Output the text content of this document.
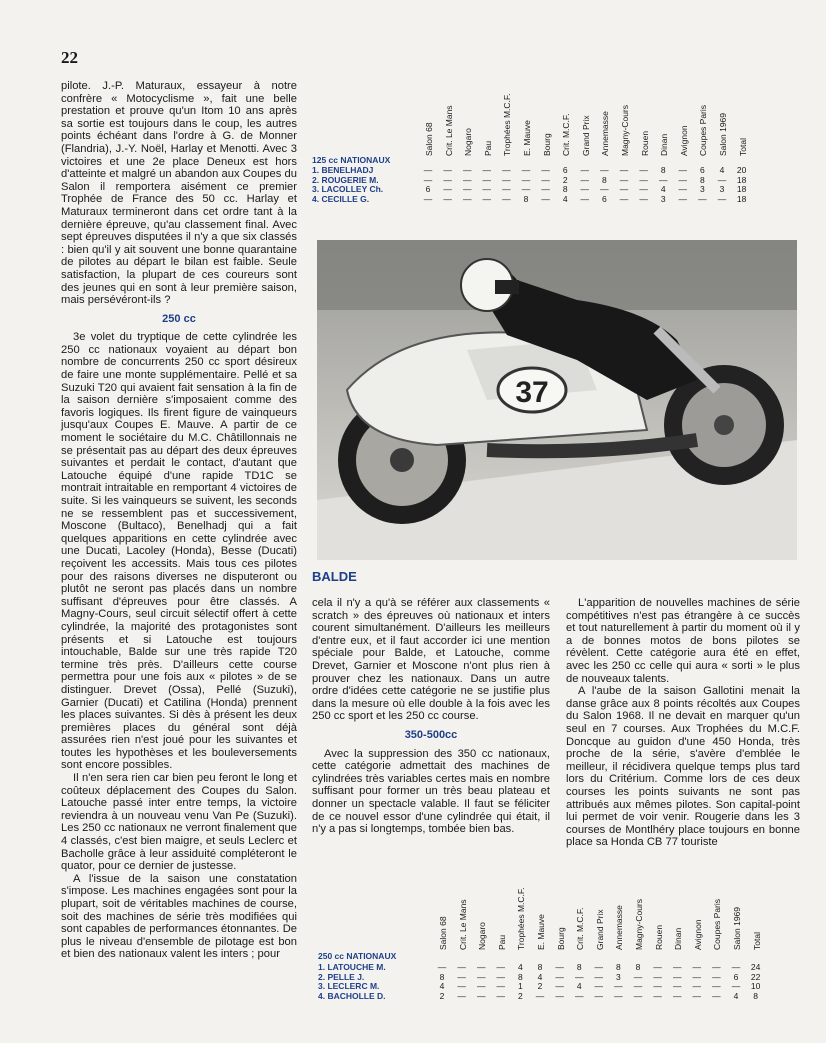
22

pilote. J.-P. Maturaux, essayeur à notre confrère « Motocyclisme », fait une belle prestation et prouve qu'un Itom 10 ans après sa sortie est toujours dans le coup, les autres points échéant dans l'ordre à G. de Monner (Flandria), J.-Y. Noël, Harlay et Menotti. Avec 3 victoires et une 2e place Deneux est hors d'atteinte et malgré un abandon aux Coupes du Salon il remportera aisément ce premier Trophée de France des 50 cc. Harlay et Maturaux termineront dans cet ordre tant à la dernière épreuve, qu'au classement final. Avec sept épreuves disputées il n'y a que six classés : bien qu'il y ait souvent une bonne quarantaine de pilotes au départ le bilan est faible. Seule satisfaction, la plupart de ces coureurs sont des jeunes qui en sont à leur première saison, mais persévéront-ils ?

250 cc

3e volet du tryptique de cette cylindrée les 250 cc nationaux voyaient au départ bon nombre de concurrents 250 cc sport désireux de faire une monte supplémentaire. Pellé et sa Suzuki T20 qui avaient fait sensation à la fin de la saison dernière s'imposaient comme des favoris logiques. Ils firent figure de vainqueurs jusqu'aux Coupes E. Mauve. A partir de ce moment le sociétaire du M.C. Châtillonnais ne se présentait pas au départ des deux épreuves suivantes et perdait le contact, d'autant que Latouche équipé d'une rapide TD1C se montrait intraitable en remportant 4 victoires de suite. Si les vainqueurs se suivent, les seconds ne se ressemblent pas et successivement, Moscone (Bultaco), Benelhadj qui a fait quelques apparitions en cette cylindrée avec une Ducati, Lacoley (Honda), Besse (Ducati) reçoivent les accessits. Mais tous ces pilotes pour des raisons diverses ne disputeront ou plutôt ne seront pas placés dans un nombre suffisant d'épreuves pour être classés. A Magny-Cours, seul circuit sélectif offert à cette cylindrée, la majorité des protagonistes sont présents et si Latouche est toujours intouchable, Balde sur une très rapide T20 termine très près. D'ailleurs cette course permettra pour une fois aux « pilotes » de se distinguer. Drevet (Ossa), Pellé (Suzuki), Garnier (Ducati) et Catilina (Honda) prennent les places suivantes. Si dès à présent les deux premières places du général sont déjà assurées rien n'est joué pour les suivantes et toutes les hypothèses et les bouleversements sont encore possibles.

Il n'en sera rien car bien peu feront le long et coûteux déplacement des Coupes du Salon. Latouche passé inter entre temps, la victoire reviendra à un nouveau venu Van Pe (Suzuki). Les 250 cc nationaux ne verront finalement que 4 classés, c'est bien maigre, et seuls Leclerc et Bacholle grâce à leur assiduité compléteront le quator, pour ce dernier de justesse.

A l'issue de la saison une constatation s'impose. Les machines engagées sont pour la plupart, soit de véritables machines de course, soit des machines de série très modifiées qui sont capables de performances étonnantes. De plus le niveau d'ensemble de pilotage est bon et bien des nationaux valent les inters ; pour

Salon 68 Crit. Le Mans Nogaro Pau Trophées M.C.F. E. Mauve Bourg Crit. M.C.F. Grand Prix Annemasse Magny-Cours Rouen Dinan Avignon Coupes Paris Salon 1969 Total
125 cc NATIONAUX
1. BENELHADJ	— — — — — — —	6	— — — —	8	—	6	4	20
2. ROUGERIE M.	— — — — — — —	2	—	8	— — — —	8	— 18
3. LACOLLEY Ch.	6	— — — — — —	8	— — — —	4	—	3	3	18
4. CECILLE G.	— — — — —	8	—	4	—	6	— —	3	— — — 18
37
BALDE

cela il n'y a qu'à se référer aux classements « scratch » des épreuves où nationaux et inters courent simultanément. D'ailleurs les meilleurs d'entre eux, et il faut accorder ici une mention spéciale pour Balde, et Latouche, comme Drevet, Garnier et Moscone n'ont plus rien à prouver chez les nationaux. Dans un autre ordre d'idées cette catégorie ne se justifie plus dans la mesure où elle double à la fois avec les 250 cc sport et les 250 cc course.

350-500cc

Avec la suppression des 350 cc nationaux, cette catégorie admettait des machines de cylindrées très variables certes mais en nombre suffisant pour former un très beau plateau et donner un spectacle valable. Il faut se féliciter de ce nouvel essor d'une cylindrée qui était, il n'y a pas si longtemps, tombée bien bas.

L'apparition de nouvelles machines de série compétitives n'est pas étrangère à ce succès et tout naturellement à partir du moment où il y a de bonnes motos de bons pilotes se révèlent. Cette catégorie aura été en effet, avec les 250 cc celle qui aura « sorti » le plus de nouveaux talents.

A l'aube de la saison Gallotini menait la danse grâce aux 8 points récoltés aux Coupes du Salon 1968. Il ne devait en marquer qu'un seul en 7 courses. Aux Trophées du M.C.F. Doncque au guidon d'une 450 Honda, très proche de la série, s'avère d'emblée le meilleur, il récidivera quelque temps plus tard lors du Critérium. Comme lors de ces deux courses les points suivants ne sont pas attribués aux mêmes pilotes. Son capital-point lui permet de voir venir. Rougerie dans les 3 courses de Montlhéry place toujours en bonne place sa Honda CB 77 touriste

Salon 68 Crit. Le Mans Nogaro Pau Trophées M.C.F. E. Mauve Bourg Crit. M.C.F. Grand Prix Annemasse Magny-Cours Rouen Dinan Avignon Coupes Paris Salon 1969 Total
250 cc NATIONAUX
1. LATOUCHE M.	— — — —	4	8	—	8	—	8	8	— — — — — 24
2. PELLE J.	8	— — —	8	4	— — —	3	— — — — —	6	22
3. LECLERC M.	4	— — —	1	2	—	4	— — — — — — — — 10
4. BACHOLLE D.	2	— — —	2	— — — — — — — — — —	4	8
